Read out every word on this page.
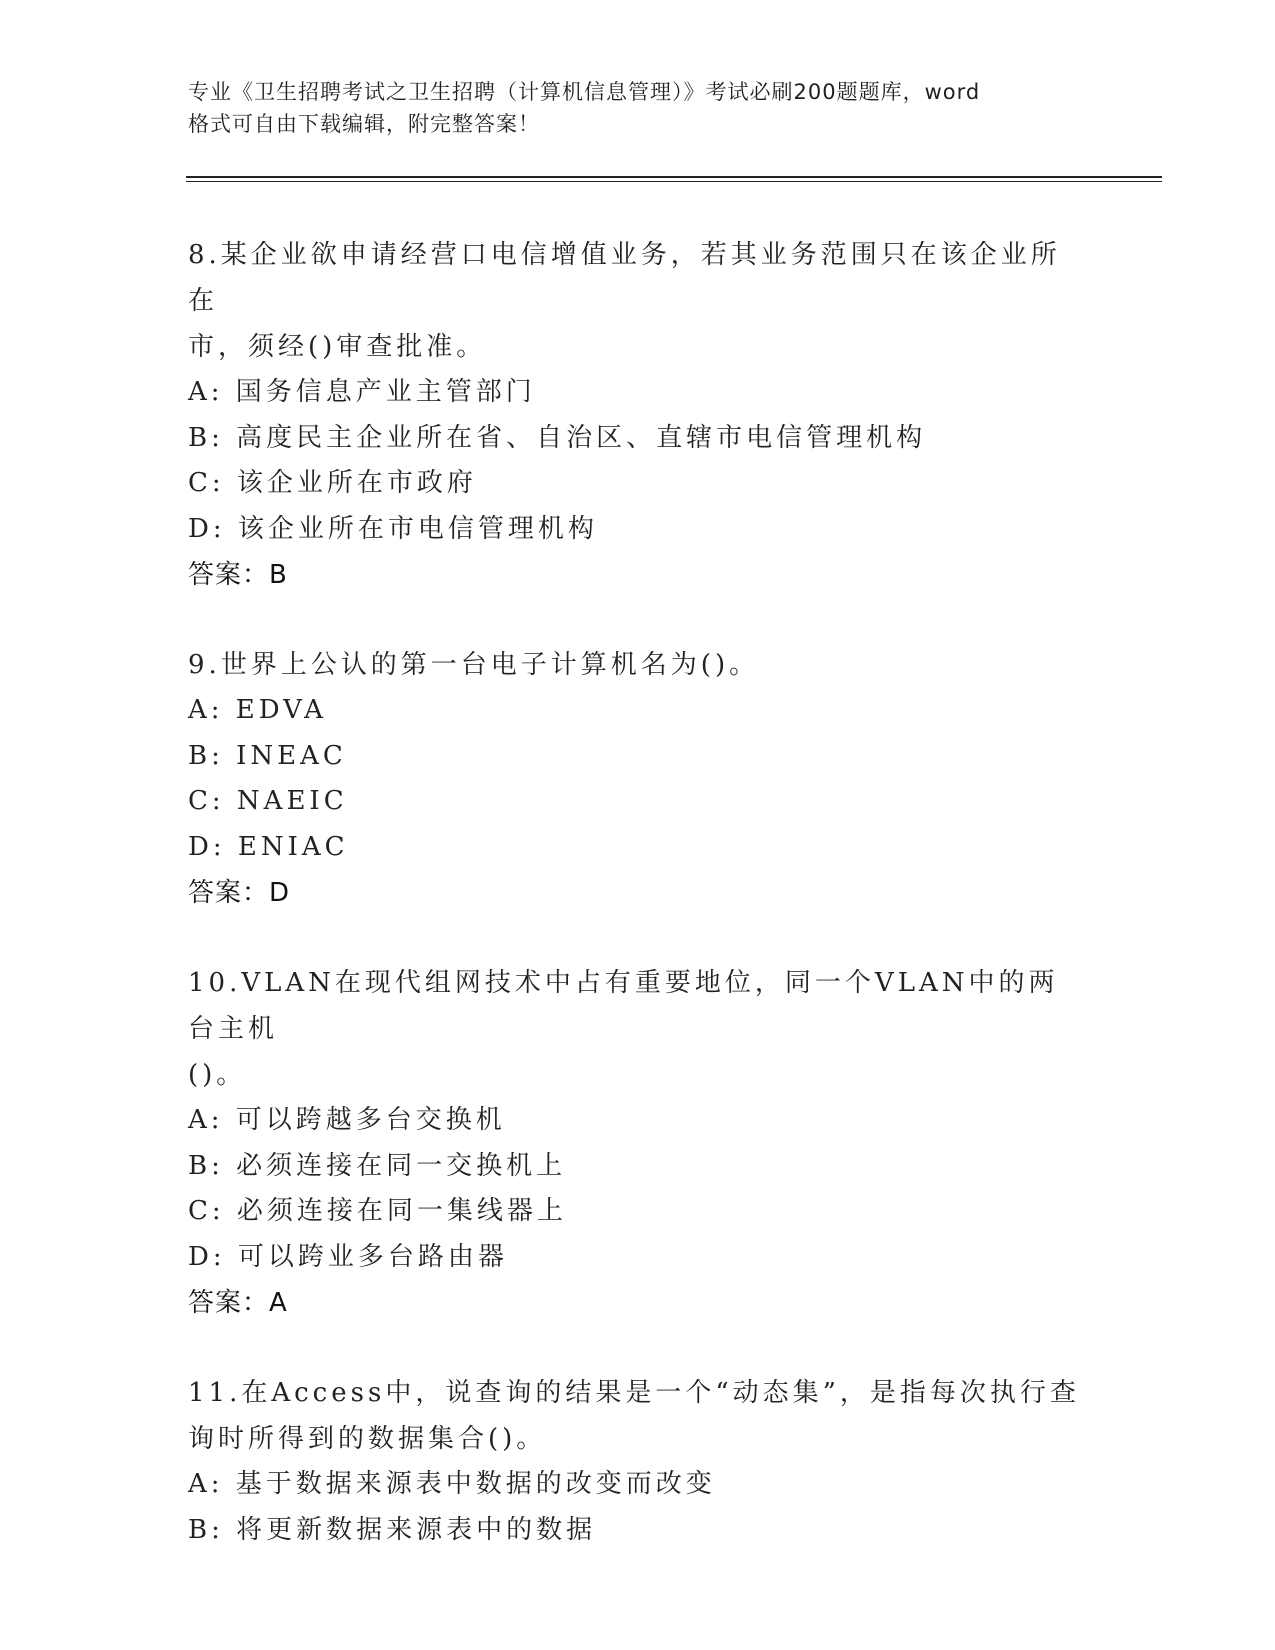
专业《卫生招聘考试之卫生招聘（计算机信息管理）》考试必刷200题题库，word
格式可自由下载编辑，附完整答案！
8.某企业欲申请经营口电信增值业务，若其业务范围只在该企业所在
市，须经()审查批准。
A: 国务信息产业主管部门
B: 高度民主企业所在省、自治区、直辖市电信管理机构
C: 该企业所在市政府
D: 该企业所在市电信管理机构
答案：B
9.世界上公认的第一台电子计算机名为()。
A: EDVA
B: INEAC
C: NAEIC
D: ENIAC
答案：D
10.VLAN在现代组网技术中占有重要地位，同一个VLAN中的两台主机
()。
A: 可以跨越多台交换机
B: 必须连接在同一交换机上
C: 必须连接在同一集线器上
D: 可以跨业多台路由器
答案：A
11.在Access中，说查询的结果是一个“动态集”，是指每次执行查
询时所得到的数据集合()。
A: 基于数据来源表中数据的改变而改变
B: 将更新数据来源表中的数据
